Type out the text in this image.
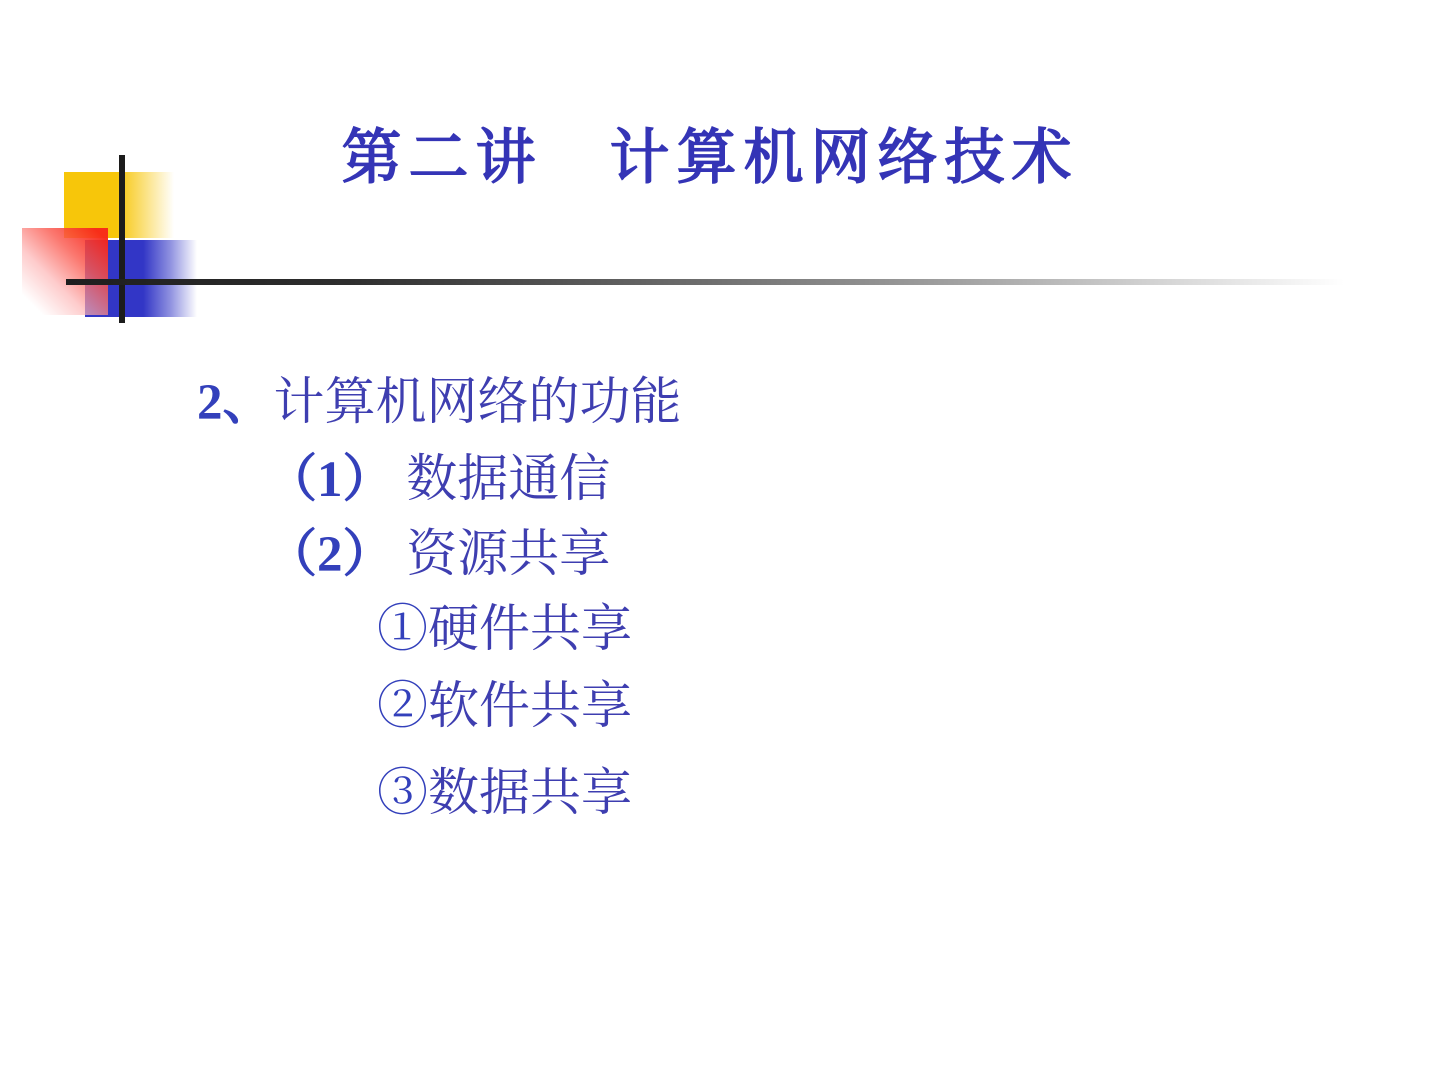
第二讲　计算机网络技术
2、计算机网络的功能
（1） 数据通信
（2） 资源共享
①硬件共享
②软件共享
③数据共享
